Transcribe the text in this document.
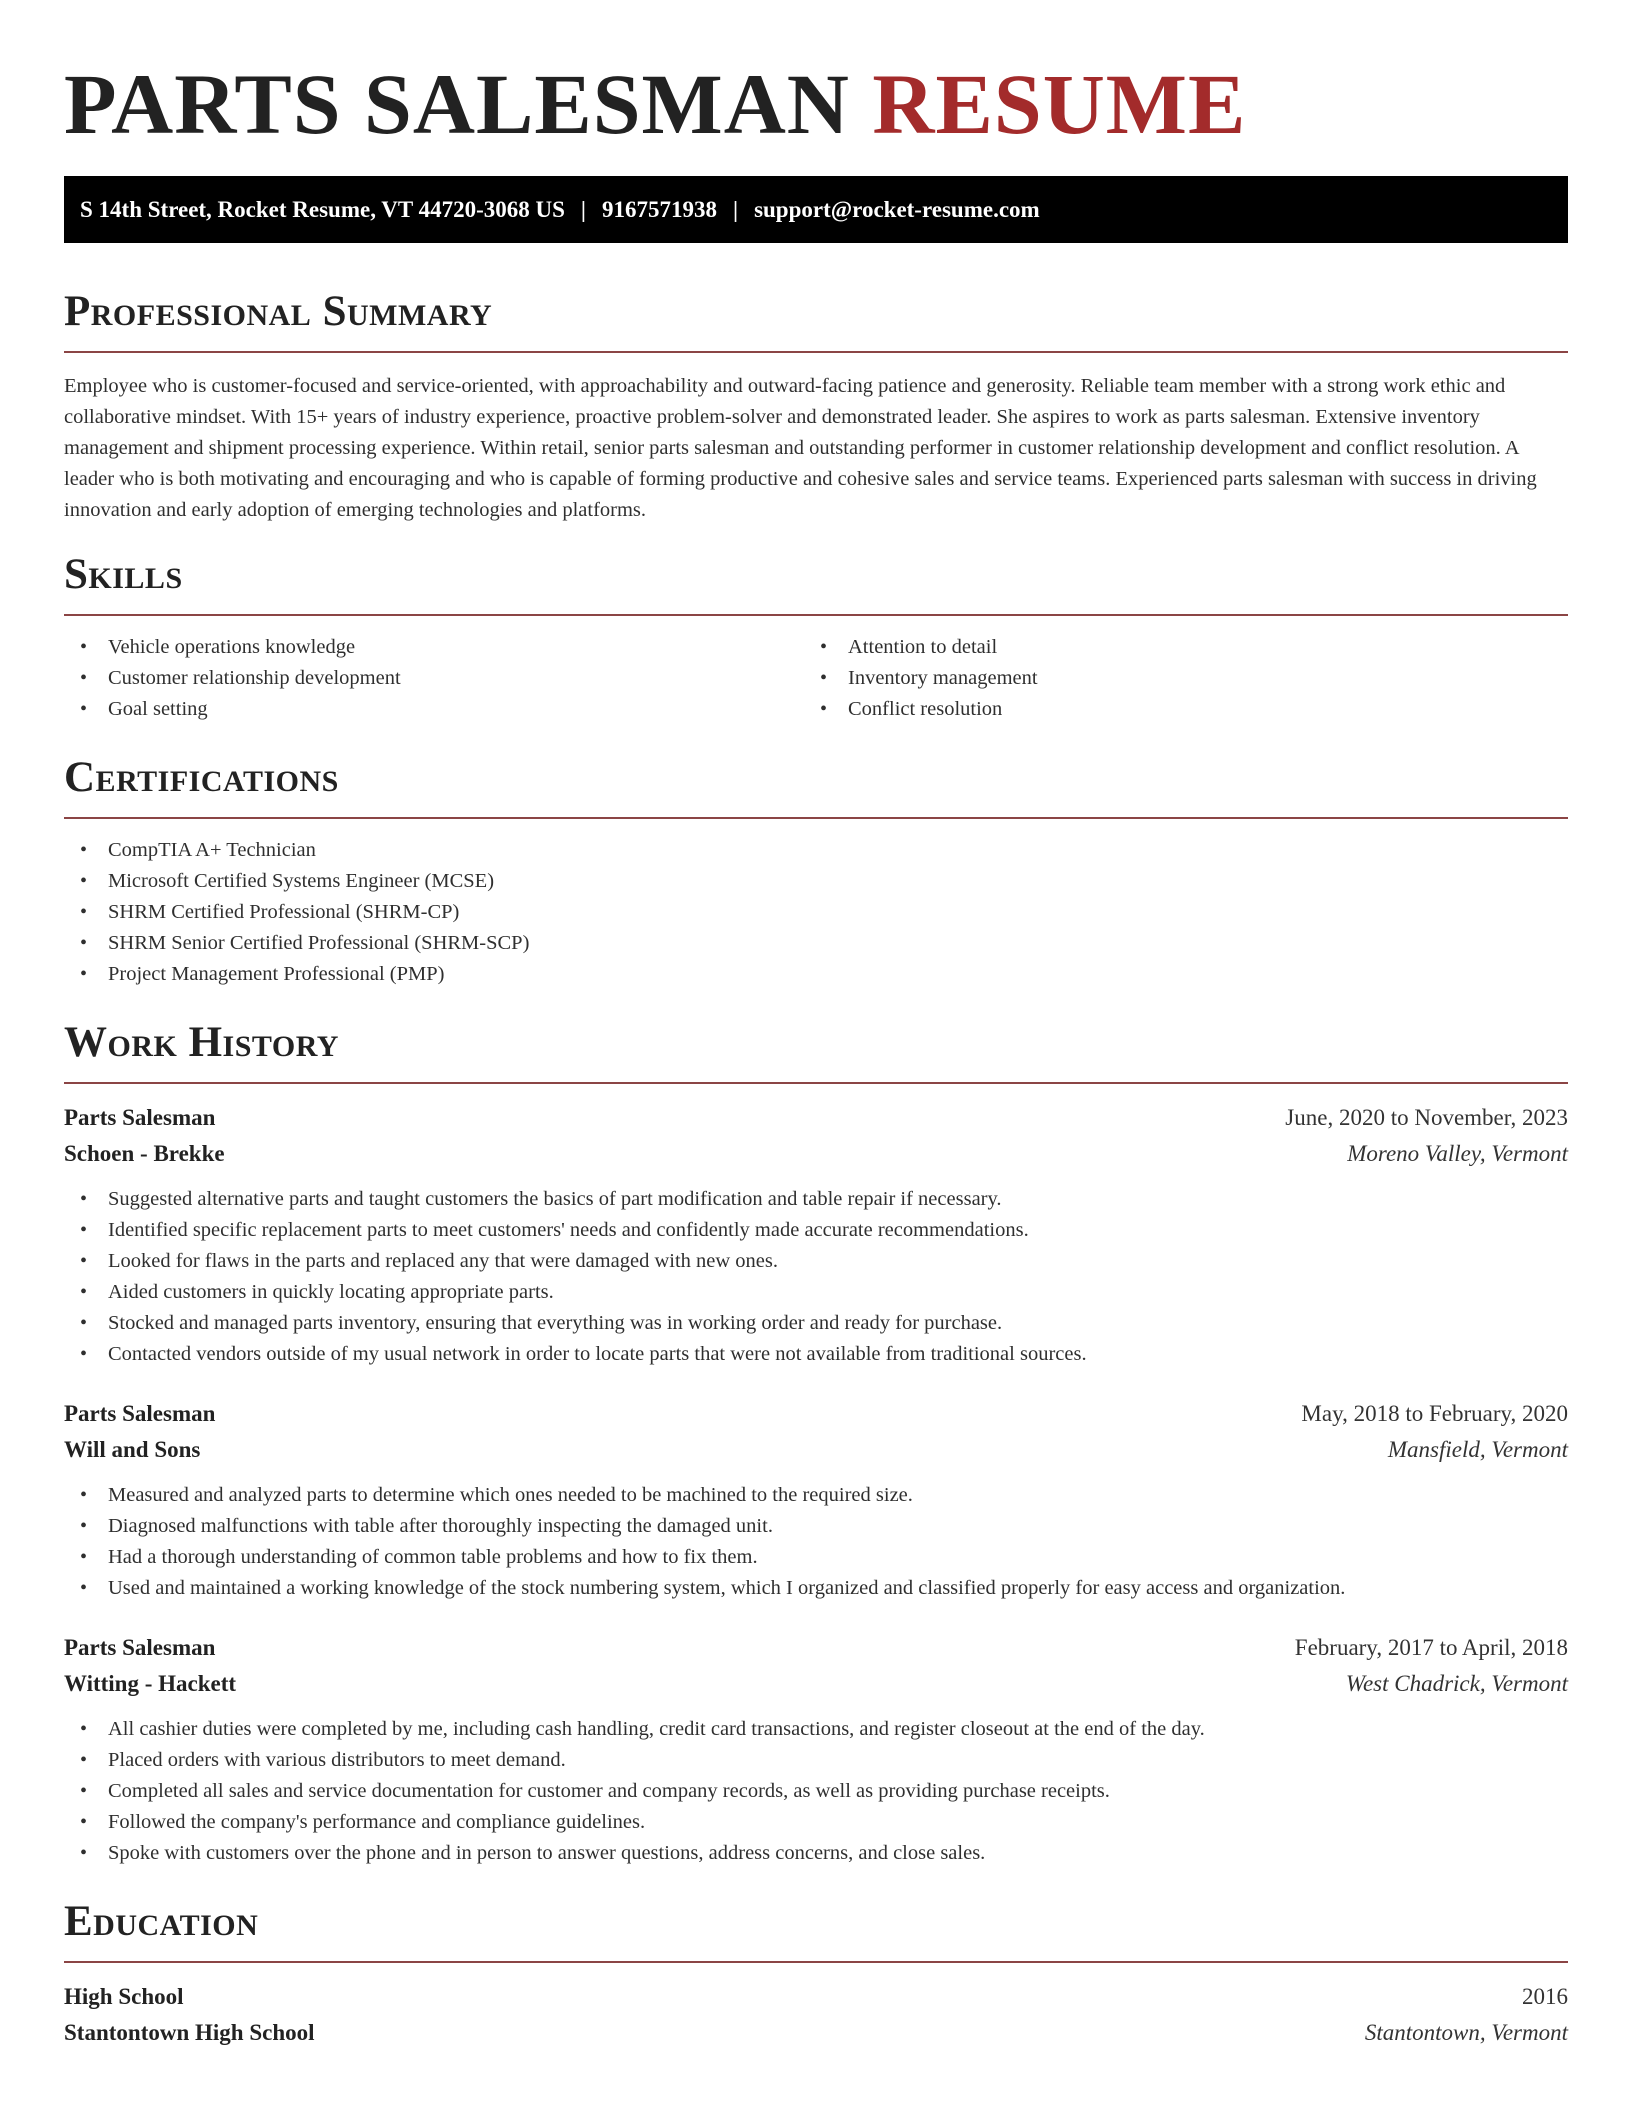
PARTS SALESMAN RESUME
S 14th Street, Rocket Resume, VT 44720-3068 US | 9167571938 | support@rocket-resume.com
Professional Summary

Employee who is customer-focused and service-oriented, with approachability and outward-facing patience and generosity. Reliable team member with a strong work ethic and collaborative mindset. With 15+ years of industry experience, proactive problem-solver and demonstrated leader. She aspires to work as parts salesman. Extensive inventory management and shipment processing experience. Within retail, senior parts salesman and outstanding performer in customer relationship development and conflict resolution. A leader who is both motivating and encouraging and who is capable of forming productive and cohesive sales and service teams. Experienced parts salesman with success in driving innovation and early adoption of emerging technologies and platforms.

Skills
• Vehicle operations knowledge
• Customer relationship development
• Goal setting
• Attention to detail
• Inventory management
• Conflict resolution
Certifications
• CompTIA A+ Technician
• Microsoft Certified Systems Engineer (MCSE)
• SHRM Certified Professional (SHRM-CP)
• SHRM Senior Certified Professional (SHRM-SCP)
• Project Management Professional (PMP)
Work History
Parts Salesman	June, 2020 to November, 2023
Schoen - Brekke	Moreno Valley, Vermont
• Suggested alternative parts and taught customers the basics of part modification and table repair if necessary.
• Identified specific replacement parts to meet customers' needs and confidently made accurate recommendations.
• Looked for flaws in the parts and replaced any that were damaged with new ones.
• Aided customers in quickly locating appropriate parts.
• Stocked and managed parts inventory, ensuring that everything was in working order and ready for purchase.
• Contacted vendors outside of my usual network in order to locate parts that were not available from traditional sources.
Parts Salesman	May, 2018 to February, 2020
Will and Sons	Mansfield, Vermont
• Measured and analyzed parts to determine which ones needed to be machined to the required size.
• Diagnosed malfunctions with table after thoroughly inspecting the damaged unit.
• Had a thorough understanding of common table problems and how to fix them.
• Used and maintained a working knowledge of the stock numbering system, which I organized and classified properly for easy access and organization.
Parts Salesman	February, 2017 to April, 2018
Witting - Hackett	West Chadrick, Vermont
• All cashier duties were completed by me, including cash handling, credit card transactions, and register closeout at the end of the day.
• Placed orders with various distributors to meet demand.
• Completed all sales and service documentation for customer and company records, as well as providing purchase receipts.
• Followed the company's performance and compliance guidelines.
• Spoke with customers over the phone and in person to answer questions, address concerns, and close sales.
Education
High School	2016
Stantontown High School	Stantontown, Vermont
